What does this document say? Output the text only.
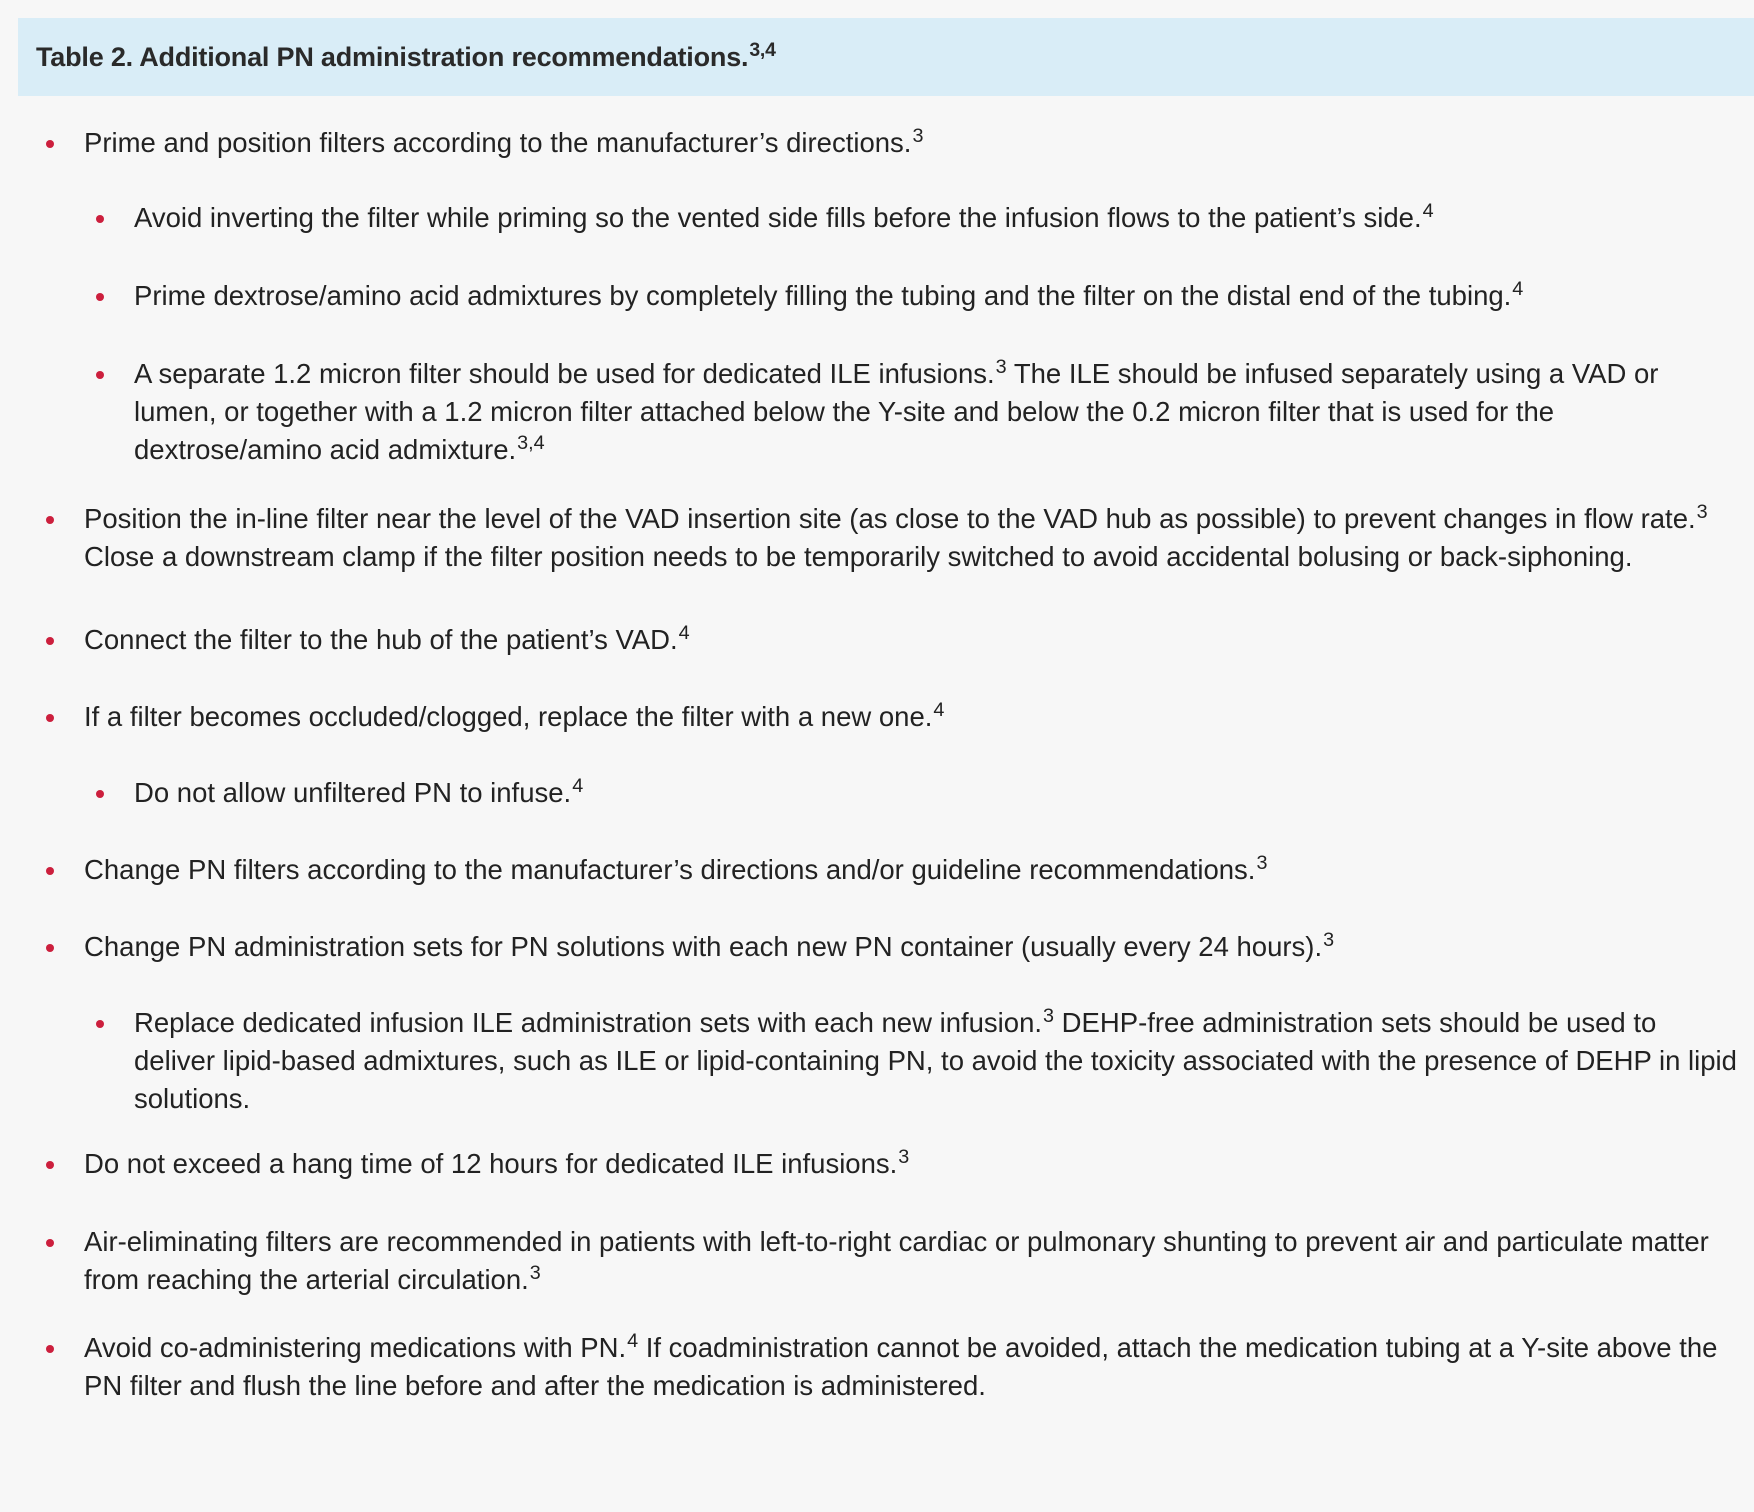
Table 2. Additional PN administration recommendations.$^{3,4}$
Prime and position filters according to the manufacturer’s directions.$^3$
Avoid inverting the filter while priming so the vented side fills before the infusion flows to the patient’s side.$^4$
Prime dextrose/amino acid admixtures by completely filling the tubing and the filter on the distal end of the tubing.$^4$
A separate 1.2 micron filter should be used for dedicated ILE infusions.$^3$ The ILE should be infused separately using a VAD or lumen, or together with a 1.2 micron filter attached below the Y-site and below the 0.2 micron filter that is used for the dextrose/amino acid admixture.$^{3,4}$
Position the in-line filter near the level of the VAD insertion site (as close to the VAD hub as possible) to prevent changes in flow rate.$^3$ Close a downstream clamp if the filter position needs to be temporarily switched to avoid accidental bolusing or back-siphoning.
Connect the filter to the hub of the patient’s VAD.$^4$
If a filter becomes occluded/clogged, replace the filter with a new one.$^4$
Do not allow unfiltered PN to infuse.$^4$
Change PN filters according to the manufacturer’s directions and/or guideline recommendations.$^3$
Change PN administration sets for PN solutions with each new PN container (usually every 24 hours).$^3$
Replace dedicated infusion ILE administration sets with each new infusion.$^3$ DEHP-free administration sets should be used to deliver lipid-based admixtures, such as ILE or lipid-containing PN, to avoid the toxicity associated with the presence of DEHP in lipid solutions.
Do not exceed a hang time of 12 hours for dedicated ILE infusions.$^3$
Air-eliminating filters are recommended in patients with left-to-right cardiac or pulmonary shunting to prevent air and particulate matter from reaching the arterial circulation.$^3$
Avoid co-administering medications with PN.$^4$ If coadministration cannot be avoided, attach the medication tubing at a Y-site above the PN filter and flush the line before and after the medication is administered.
